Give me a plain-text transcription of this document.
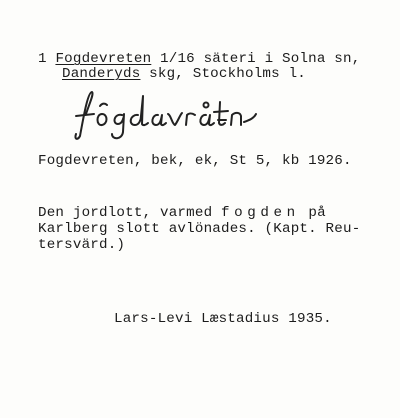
1 Fogdevreten 1/16 säteri i Solna sn,
Danderyds skg, Stockholms l.
Fogdevreten, bek, ek, St 5, kb 1926.
Den jordlott, varmed fogden på
Karlberg slott avlönades. (Kapt. Reu-
tersvärd.)
Lars-Levi Læstadius 1935.
